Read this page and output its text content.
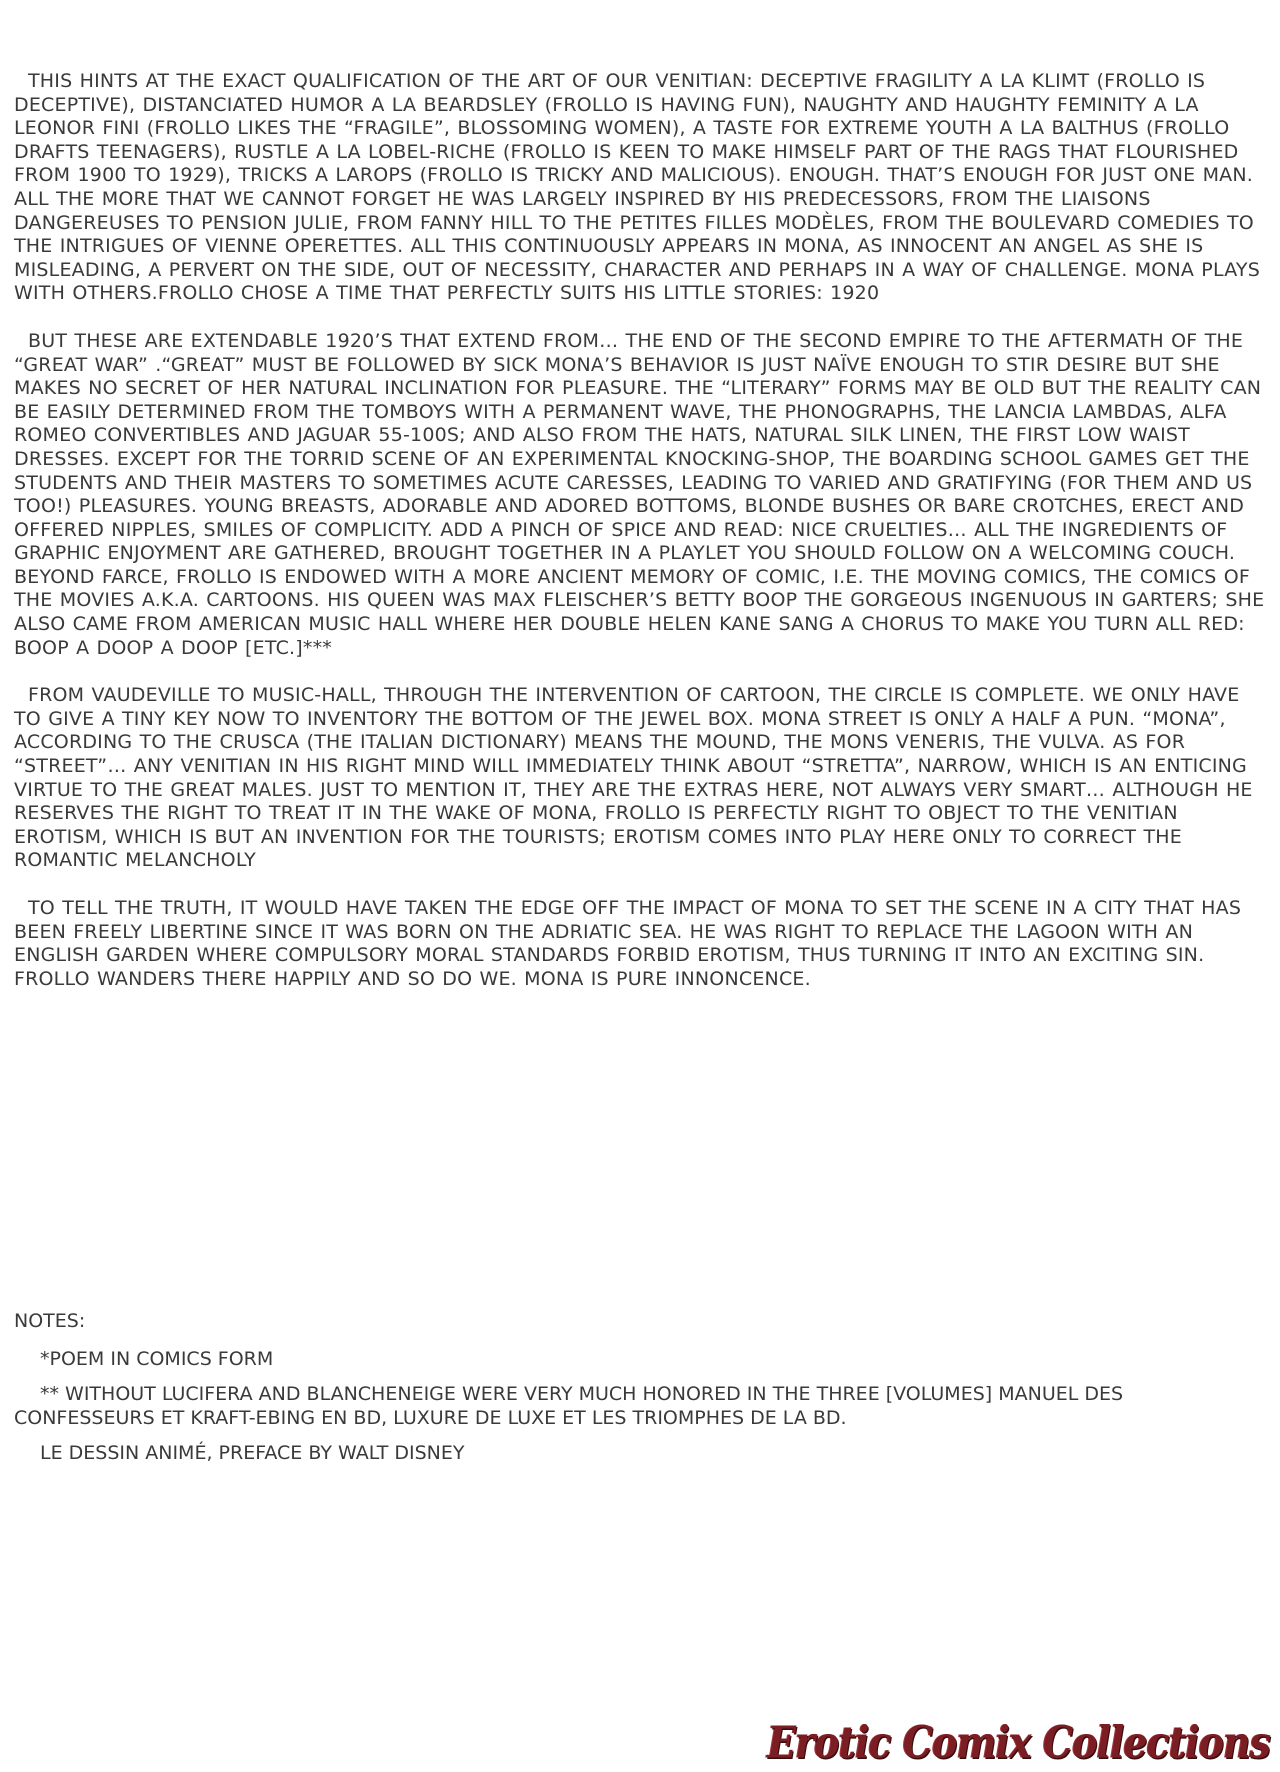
THIS HINTS AT THE EXACT QUALIFICATION OF THE ART OF OUR VENITIAN: DECEPTIVE FRAGILITY A LA KLIMT (FROLLO IS DECEPTIVE), DISTANCIATED HUMOR A LA BEARDSLEY (FROLLO IS HAVING FUN), NAUGHTY AND HAUGHTY FEMINITY A LA LEONOR FINI (FROLLO LIKES THE “FRAGILE”, BLOSSOMING WOMEN), A TASTE FOR EXTREME YOUTH A LA BALTHUS (FROLLO DRAFTS TEENAGERS), RUSTLE A LA LOBEL-RICHE (FROLLO IS KEEN TO MAKE HIMSELF PART OF THE RAGS THAT FLOURISHED FROM 1900 TO 1929), TRICKS A LAROPS (FROLLO IS TRICKY AND MALICIOUS). ENOUGH. THAT’S ENOUGH FOR JUST ONE MAN. ALL THE MORE THAT WE CANNOT FORGET HE WAS LARGELY INSPIRED BY HIS PREDECESSORS, FROM THE LIAISONS DANGEREUSES TO PENSION JULIE, FROM FANNY HILL TO THE PETITES FILLES MODÈLES, FROM THE BOULEVARD COMEDIES TO THE INTRIGUES OF VIENNE OPERETTES. ALL THIS CONTINUOUSLY APPEARS IN MONA, AS INNOCENT AN ANGEL AS SHE IS MISLEADING, A PERVERT ON THE SIDE, OUT OF NECESSITY, CHARACTER AND PERHAPS IN A WAY OF CHALLENGE. MONA PLAYS WITH OTHERS.FROLLO CHOSE A TIME THAT PERFECTLY SUITS HIS LITTLE STORIES: 1920

BUT THESE ARE EXTENDABLE 1920’S THAT EXTEND FROM… THE END OF THE SECOND EMPIRE TO THE AFTERMATH OF THE “GREAT WAR” .“GREAT” MUST BE FOLLOWED BY SICK MONA’S BEHAVIOR IS JUST NAÏVE ENOUGH TO STIR DESIRE BUT SHE MAKES NO SECRET OF HER NATURAL INCLINATION FOR PLEASURE. THE “LITERARY” FORMS MAY BE OLD BUT THE REALITY CAN BE EASILY DETERMINED FROM THE TOMBOYS WITH A PERMANENT WAVE, THE PHONOGRAPHS, THE LANCIA LAMBDAS, ALFA ROMEO CONVERTIBLES AND JAGUAR 55-100S; AND ALSO FROM THE HATS, NATURAL SILK LINEN, THE FIRST LOW WAIST DRESSES. EXCEPT FOR THE TORRID SCENE OF AN EXPERIMENTAL KNOCKING-SHOP, THE BOARDING SCHOOL GAMES GET THE STUDENTS AND THEIR MASTERS TO SOMETIMES ACUTE CARESSES, LEADING TO VARIED AND GRATIFYING (FOR THEM AND US TOO!) PLEASURES. YOUNG BREASTS, ADORABLE AND ADORED BOTTOMS, BLONDE BUSHES OR BARE CROTCHES, ERECT AND OFFERED NIPPLES, SMILES OF COMPLICITY. ADD A PINCH OF SPICE AND READ: NICE CRUELTIES… ALL THE INGREDIENTS OF GRAPHIC ENJOYMENT ARE GATHERED, BROUGHT TOGETHER IN A PLAYLET YOU SHOULD FOLLOW ON A WELCOMING COUCH. BEYOND FARCE, FROLLO IS ENDOWED WITH A MORE ANCIENT MEMORY OF COMIC, I.E. THE MOVING COMICS, THE COMICS OF THE MOVIES A.K.A. CARTOONS. HIS QUEEN WAS MAX FLEISCHER’S BETTY BOOP THE GORGEOUS INGENUOUS IN GARTERS; SHE ALSO CAME FROM AMERICAN MUSIC HALL WHERE HER DOUBLE HELEN KANE SANG A CHORUS TO MAKE YOU TURN ALL RED: BOOP A DOOP A DOOP [ETC.]***

FROM VAUDEVILLE TO MUSIC-HALL, THROUGH THE INTERVENTION OF CARTOON, THE CIRCLE IS COMPLETE. WE ONLY HAVE TO GIVE A TINY KEY NOW TO INVENTORY THE BOTTOM OF THE JEWEL BOX. MONA STREET IS ONLY A HALF A PUN. “MONA”, ACCORDING TO THE CRUSCA (THE ITALIAN DICTIONARY) MEANS THE MOUND, THE MONS VENERIS, THE VULVA. AS FOR “STREET”… ANY VENITIAN IN HIS RIGHT MIND WILL IMMEDIATELY THINK ABOUT “STRETTA”, NARROW, WHICH IS AN ENTICING VIRTUE TO THE GREAT MALES. JUST TO MENTION IT, THEY ARE THE EXTRAS HERE, NOT ALWAYS VERY SMART… ALTHOUGH HE RESERVES THE RIGHT TO TREAT IT IN THE WAKE OF MONA, FROLLO IS PERFECTLY RIGHT TO OBJECT TO THE VENITIAN EROTISM, WHICH IS BUT AN INVENTION FOR THE TOURISTS; EROTISM COMES INTO PLAY HERE ONLY TO CORRECT THE ROMANTIC MELANCHOLY

TO TELL THE TRUTH, IT WOULD HAVE TAKEN THE EDGE OFF THE IMPACT OF MONA TO SET THE SCENE IN A CITY THAT HAS BEEN FREELY LIBERTINE SINCE IT WAS BORN ON THE ADRIATIC SEA. HE WAS RIGHT TO REPLACE THE LAGOON WITH AN ENGLISH GARDEN WHERE COMPULSORY MORAL STANDARDS FORBID EROTISM, THUS TURNING IT INTO AN EXCITING SIN. FROLLO WANDERS THERE HAPPILY AND SO DO WE. MONA IS PURE INNONCENCE.

NOTES:

*POEM IN COMICS FORM

** WITHOUT LUCIFERA AND BLANCHENEIGE WERE VERY MUCH HONORED IN THE THREE [VOLUMES] MANUEL DES CONFESSEURS ET KRAFT-EBING EN BD, LUXURE DE LUXE ET LES TRIOMPHES DE LA BD.

LE DESSIN ANIMÉ, PREFACE BY WALT DISNEY

Erotic Comix Collections
